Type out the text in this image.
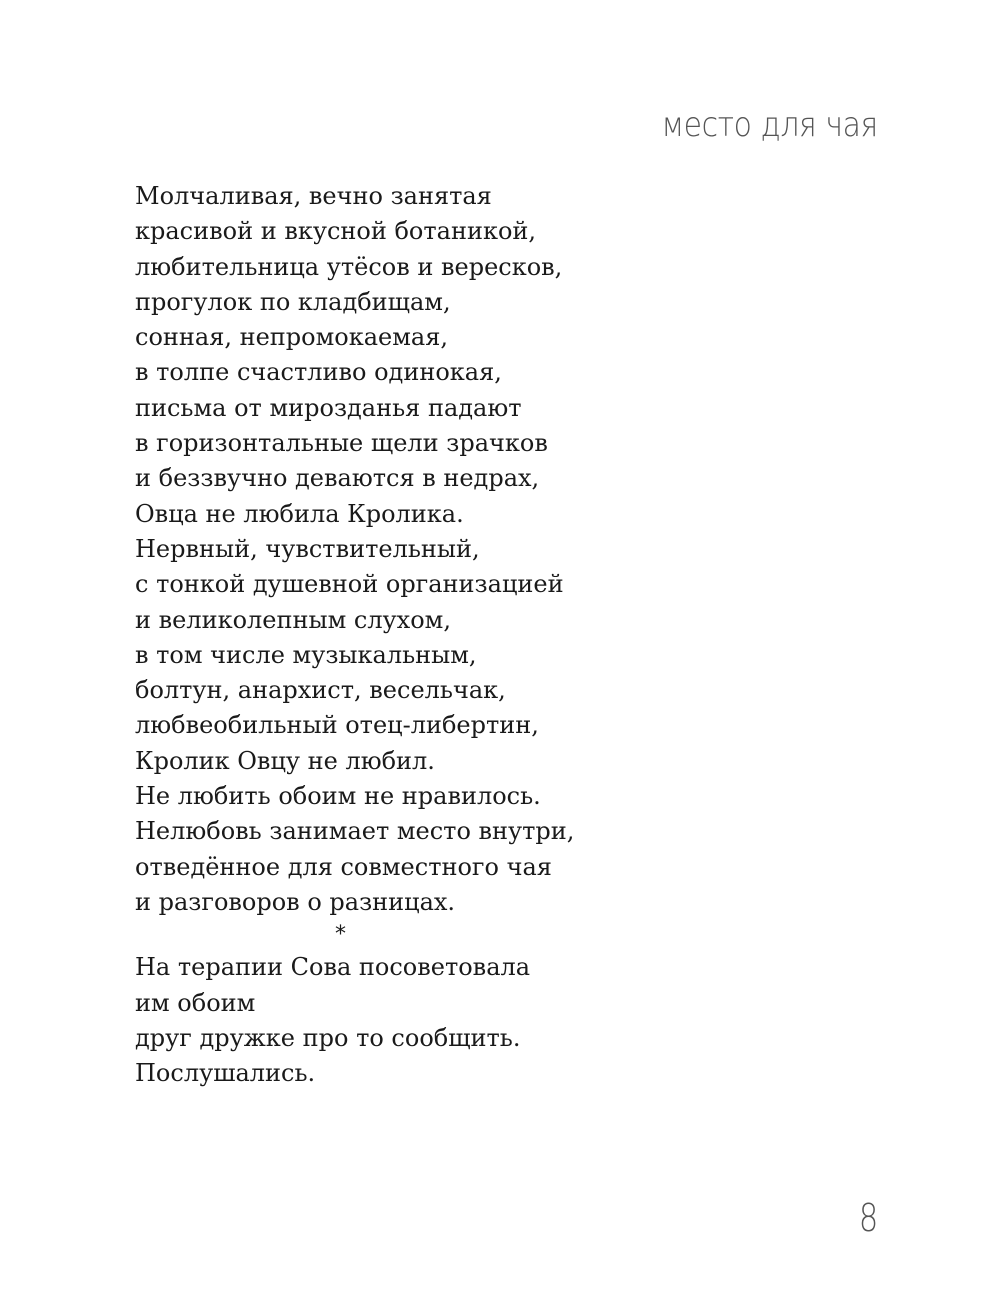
место для чая
Молчаливая, вечно занятая
красивой и вкусной ботаникой,
любительница утёсов и вересков,
прогулок по кладбищам,
сонная, непромокаемая,
в толпе счастливо одинокая,
письма от мирозданья падают
в горизонтальные щели зрачков
и беззвучно деваются в недрах,
Овца не любила Кролика.
Нервный, чувствительный,
с тонкой душевной организацией
и великолепным слухом,
в том числе музыкальным,
болтун, анархист, весельчак,
любвеобильный отец-либертин,
Кролик Овцу не любил.
Не любить обоим не нравилось.
Нелюбовь занимает место внутри,
отведённое для совместного чая
и разговоров о разницах.
*
На терапии Сова посоветовала
им обоим
друг дружке про то сообщить.
Послушались.
8
